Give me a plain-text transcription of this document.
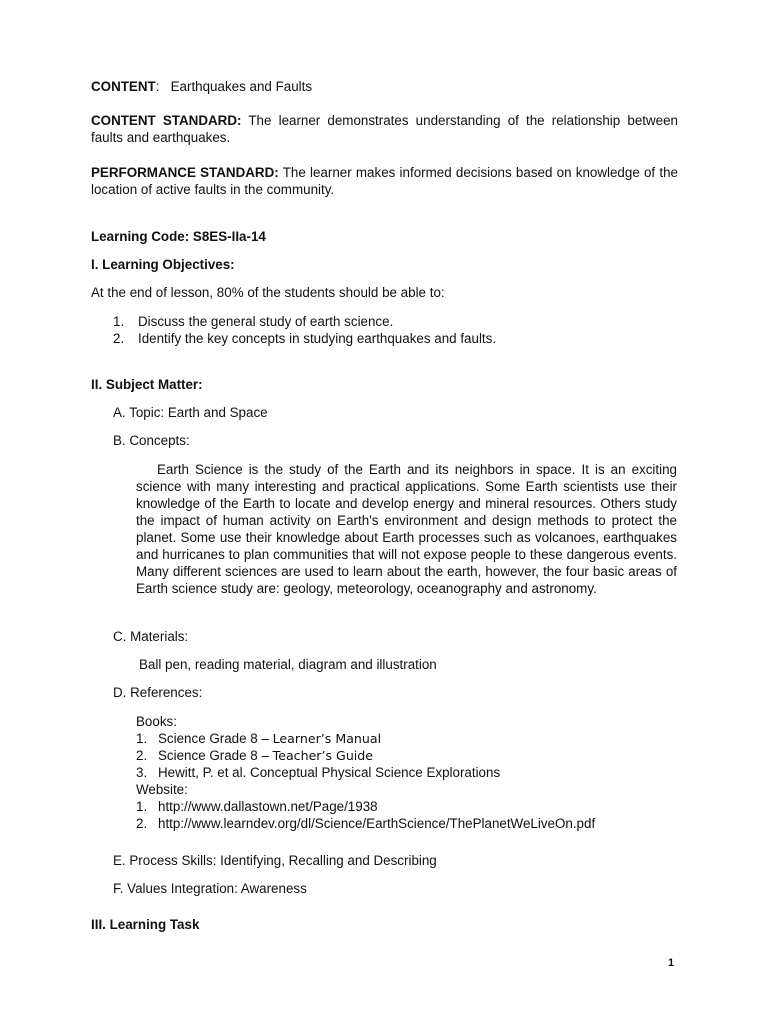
CONTENT:   Earthquakes and Faults
CONTENT STANDARD: The learner demonstrates understanding of the relationship between faults and earthquakes.
PERFORMANCE STANDARD: The learner makes informed decisions based on knowledge of the location of active faults in the community.
Learning Code: S8ES-IIa-14
I. Learning Objectives:
At the end of lesson, 80% of the students should be able to:
1. Discuss the general study of earth science.
2. Identify the key concepts in studying earthquakes and faults.
II. Subject Matter:
A. Topic: Earth and Space
B. Concepts:
Earth Science is the study of the Earth and its neighbors in space. It is an exciting science with many interesting and practical applications. Some Earth scientists use their knowledge of the Earth to locate and develop energy and mineral resources. Others study the impact of human activity on Earth's environment and design methods to protect the planet. Some use their knowledge about Earth processes such as volcanoes, earthquakes and hurricanes to plan communities that will not expose people to these dangerous events. Many different sciences are used to learn about the earth, however, the four basic areas of Earth science study are: geology, meteorology, oceanography and astronomy.
C. Materials:
Ball pen, reading material, diagram and illustration
D. References:
Books:
1. Science Grade 8 – Learner’s Manual
2. Science Grade 8 – Teacher’s Guide
3. Hewitt, P. et al. Conceptual Physical Science Explorations
Website:
1. http://www.dallastown.net/Page/1938
2. http://www.learndev.org/dl/Science/EarthScience/ThePlanetWeLiveOn.pdf
E. Process Skills: Identifying, Recalling and Describing
F. Values Integration: Awareness
III. Learning Task
1
